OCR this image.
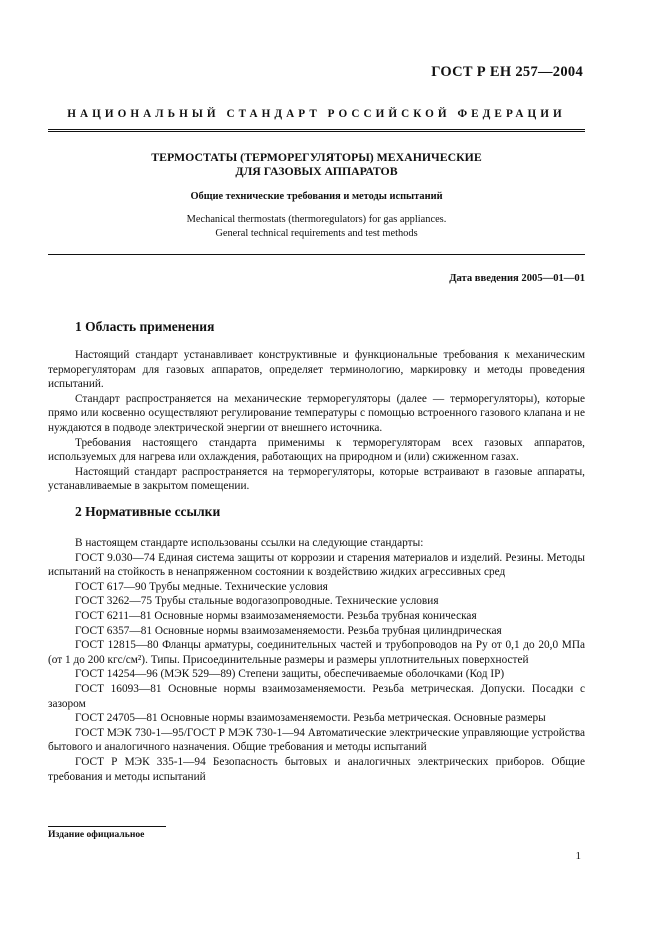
ГОСТ Р ЕН 257—2004
НАЦИОНАЛЬНЫЙ СТАНДАРТ РОССИЙСКОЙ ФЕДЕРАЦИИ

ТЕРМОСТАТЫ (ТЕРМОРЕГУЛЯТОРЫ) МЕХАНИЧЕСКИЕ

ДЛЯ ГАЗОВЫХ АППАРАТОВ

Общие технические требования и методы испытаний

Mechanical thermostats (thermoregulators) for gas appliances.
General technical requirements and test methods

Дата введения 2005—01—01
1 Область применения

Настоящий стандарт устанавливает конструктивные и функциональные требования к механическим терморегуляторам для газовых аппаратов, определяет терминологию, маркировку и методы проведения испытаний.

Стандарт распространяется на механические терморегуляторы (далее — терморегуляторы), которые прямо или косвенно осуществляют регулирование температуры с помощью встроенного газового клапана и не нуждаются в подводе электрической энергии от внешнего источника.

Требования настоящего стандарта применимы к терморегуляторам всех газовых аппаратов, используемых для нагрева или охлаждения, работающих на природном и (или) сжиженном газах.

Настоящий стандарт распространяется на терморегуляторы, которые встраивают в газовые аппараты, устанавливаемые в закрытом помещении.

2 Нормативные ссылки

В настоящем стандарте использованы ссылки на следующие стандарты:

ГОСТ 9.030—74 Единая система защиты от коррозии и старения материалов и изделий. Резины. Методы испытаний на стойкость в ненапряженном состоянии к воздействию жидких агрессивных сред

ГОСТ 617—90 Трубы медные. Технические условия

ГОСТ 3262—75 Трубы стальные водогазопроводные. Технические условия

ГОСТ 6211—81 Основные нормы взаимозаменяемости. Резьба трубная коническая

ГОСТ 6357—81 Основные нормы взаимозаменяемости. Резьба трубная цилиндрическая

ГОСТ 12815—80 Фланцы арматуры, соединительных частей и трубопроводов на Pу от 0,1 до 20,0 МПа (от 1 до 200 кгс/см²). Типы. Присоединительные размеры и размеры уплотнительных поверхностей

ГОСТ 14254—96 (МЭК 529—89) Степени защиты, обеспечиваемые оболочками (Код IP)

ГОСТ 16093—81 Основные нормы взаимозаменяемости. Резьба метрическая. Допуски. Посадки с зазором

ГОСТ 24705—81 Основные нормы взаимозаменяемости. Резьба метрическая. Основные размеры

ГОСТ МЭК 730-1—95/ГОСТ Р МЭК 730-1—94 Автоматические электрические управляющие устройства бытового и аналогичного назначения. Общие требования и методы испытаний

ГОСТ Р МЭК 335-1—94 Безопасность бытовых и аналогичных электрических приборов. Общие требования и методы испытаний

Издание официальное
1
